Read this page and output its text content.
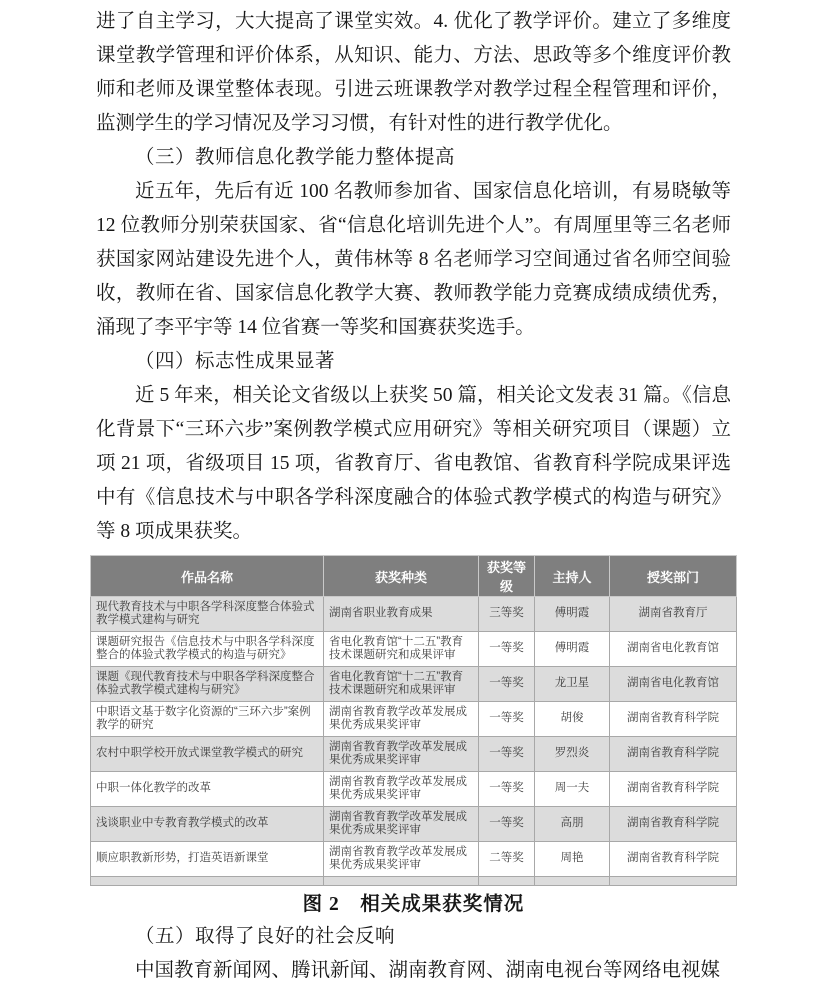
进了自主学习，大大提高了课堂实效。4. 优化了教学评价。建立了多维度课堂教学管理和评价体系，从知识、能力、方法、思政等多个维度评价教师和老师及课堂整体表现。引进云班课教学对教学过程全程管理和评价，监测学生的学习情况及学习习惯，有针对性的进行教学优化。

（三）教师信息化教学能力整体提高

近五年，先后有近 100 名教师参加省、国家信息化培训，有易晓敏等 12 位教师分别荣获国家、省“信息化培训先进个人”。有周厘里等三名老师获国家网站建设先进个人，黄伟林等 8 名老师学习空间通过省名师空间验收，教师在省、国家信息化教学大赛、教师教学能力竞赛成绩成绩优秀，涌现了李平宇等 14 位省赛一等奖和国赛获奖选手。

（四）标志性成果显著

近 5 年来，相关论文省级以上获奖 50 篇，相关论文发表 31 篇。《信息化背景下“三环六步”案例教学模式应用研究》等相关研究项目（课题）立项 21 项，省级项目 15 项，省教育厅、省电教馆、省教育科学院成果评选中有《信息技术与中职各学科深度融合的体验式教学模式的构造与研究》等 8 项成果获奖。

作品名称	获奖种类	获奖等级	主持人	授奖部门
现代教育技术与中职各学科深度整合体验式教学模式建构与研究	湖南省职业教育成果	三等奖	傅明霞	湖南省教育厅
课题研究报告《信息技术与中职各学科深度整合的体验式教学模式的构造与研究》	省电化教育馆“十二五”教育技术课题研究和成果评审	一等奖	傅明霞	湖南省电化教育馆
课题《现代教育技术与中职各学科深度整合体验式教学模式建构与研究》	省电化教育馆“十二五”教育技术课题研究和成果评审	一等奖	龙卫星	湖南省电化教育馆
中职语文基于数字化资源的“三环六步”案例教学的研究	湖南省教育教学改革发展成果优秀成果奖评审	一等奖	胡俊	湖南省教育科学院
农村中职学校开放式课堂教学模式的研究	湖南省教育教学改革发展成果优秀成果奖评审	一等奖	罗烈炎	湖南省教育科学院
中职一体化教学的改革	湖南省教育教学改革发展成果优秀成果奖评审	一等奖	周一夫	湖南省教育科学院
浅谈职业中专教育教学模式的改革	湖南省教育教学改革发展成果优秀成果奖评审	一等奖	高朋	湖南省教育科学院
顺应职教新形势，打造英语新课堂	湖南省教育教学改革发展成果优秀成果奖评审	二等奖	周艳	湖南省教育科学院

图 2　相关成果获奖情况

（五）取得了良好的社会反响

中国教育新闻网、腾讯新闻、湖南教育网、湖南电视台等网络电视媒
